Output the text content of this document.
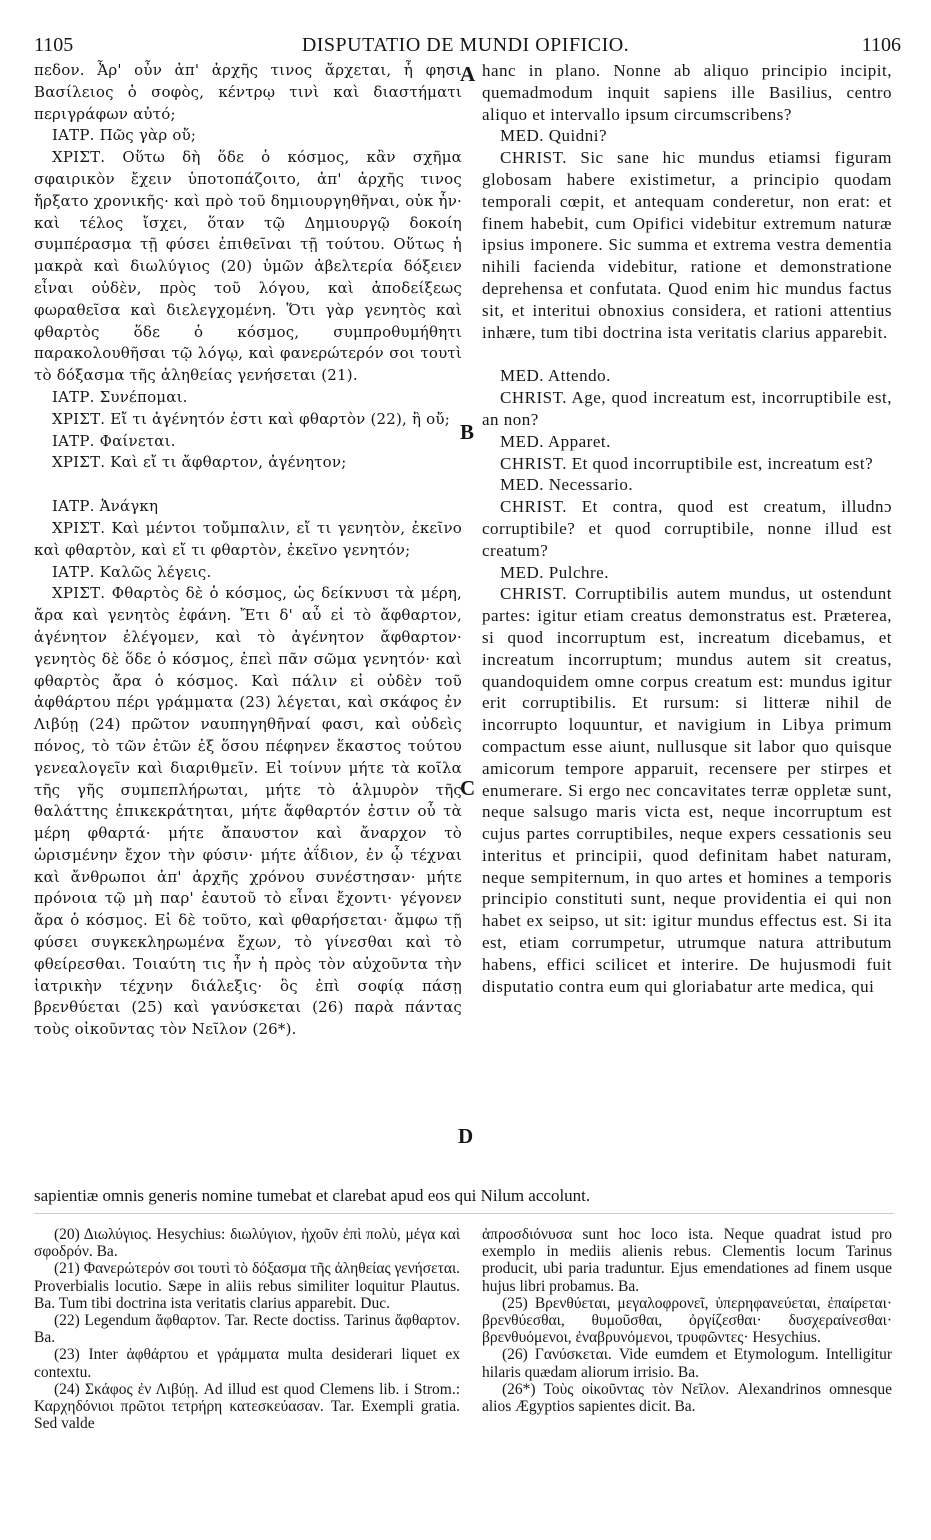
1105	DISPUTATIO DE MUNDI OPIFICIO.	1106
A
B
C
D

πεδον. Ἆρ' οὖν ἀπ' ἀρχῆς τινος ἄρχεται, ἧ φησι Βασίλειος ὁ σοφὸς, κέντρῳ τινὶ καὶ διαστήματι περιγράφων αὐτό;

ΙΑΤΡ. Πῶς γὰρ οὔ;

ΧΡΙΣΤ. Οὕτω δὴ ὅδε ὁ κόσμος, κἂν σχῆμα σφαιρικὸν ἔχειν ὑποτοπάζοιτο, ἀπ' ἀρχῆς τινος ἤρξατο χρονικῆς· καὶ πρὸ τοῦ δημιουργηθῆναι, οὐκ ἦν· καὶ τέλος ἴσχει, ὅταν τῷ Δημιουργῷ δοκοίη συμπέρασμα τῇ φύσει ἐπιθεῖναι τῇ τούτου. Οὕτως ἡ μακρὰ καὶ διωλύγιος (20) ὑμῶν ἀβελτερία δόξειεν εἶναι οὐδὲν, πρὸς τοῦ λόγου, καὶ ἀποδείξεως φωραθεῖσα καὶ διελεγχομένη. Ὅτι γὰρ γενητὸς καὶ φθαρτὸς ὅδε ὁ κόσμος, συμπροθυμήθητι παρακολουθῆσαι τῷ λόγῳ, καὶ φανερώτερόν σοι τουτὶ τὸ δόξασμα τῆς ἀληθείας γενήσεται (21).

ΙΑΤΡ. Συνέπομαι.

ΧΡΙΣΤ. Εἴ τι ἀγένητόν ἐστι καὶ φθαρτὸν (22), ἢ οὔ;

ΙΑΤΡ. Φαίνεται.

ΧΡΙΣΤ. Καὶ εἴ τι ἄφθαρτον, ἀγένητον;

ΙΑΤΡ. Ἀνάγκη

ΧΡΙΣΤ. Καὶ μέντοι τοὔμπαλιν, εἴ τι γενητὸν, ἐκεῖνο καὶ φθαρτὸν, καὶ εἴ τι φθαρτὸν, ἐκεῖνο γενητόν;

ΙΑΤΡ. Καλῶς λέγεις.

ΧΡΙΣΤ. Φθαρτὸς δὲ ὁ κόσμος, ὡς δείκνυσι τὰ μέρη, ἄρα καὶ γενητὸς ἐφάνη. Ἔτι δ' αὖ εἰ τὸ ἄφθαρτον, ἀγένητον ἐλέγομεν, καὶ τὸ ἀγένητον ἄφθαρτον· γενητὸς δὲ ὅδε ὁ κόσμος, ἐπεὶ πᾶν σῶμα γενητόν· καὶ φθαρτὸς ἄρα ὁ κόσμος. Καὶ πάλιν εἰ οὐδὲν τοῦ ἀφθάρτου πέρι γράμματα (23) λέγεται, καὶ σκάφος ἐν Λιβύῃ (24) πρῶτον ναυπηγηθῆναί φασι, καὶ οὐδεὶς πόνος, τὸ τῶν ἐτῶν ἐξ ὅσου πέφηνεν ἕκαστος τούτου γενεαλογεῖν καὶ διαριθμεῖν. Εἰ τοίνυν μήτε τὰ κοῖλα τῆς γῆς συμπεπλήρωται, μήτε τὸ ἁλμυρὸν τῆς θαλάττης ἐπικεκράτηται, μήτε ἄφθαρτόν ἐστιν οὗ τὰ μέρη φθαρτά· μήτε ἄπαυστον καὶ ἄναρχον τὸ ὡρισμένην ἔχον τὴν φύσιν· μήτε ἀΐδιον, ἐν ᾧ τέχναι καὶ ἄνθρωποι ἀπ' ἀρχῆς χρόνου συνέστησαν· μήτε πρόνοια τῷ μὴ παρ' ἑαυτοῦ τὸ εἶναι ἔχοντι· γέγονεν ἄρα ὁ κόσμος. Εἰ δὲ τοῦτο, καὶ φθαρήσεται· ἄμφω τῇ φύσει συγκεκληρωμένα ἔχων, τὸ γίνεσθαι καὶ τὸ φθείρεσθαι. Τοιαύτη τις ἦν ἡ πρὸς τὸν αὐχοῦντα τὴν ἰατρικὴν τέχνην διάλεξις· ὃς ἐπὶ σοφίᾳ πάσῃ βρενθύεται (25) καὶ γανύσκεται (26) παρὰ πάντας τοὺς οἰκοῦντας τὸν Νεῖλον (26*).

hanc in plano. Nonne ab aliquo principio incipit, quemadmodum inquit sapiens ille Basilius, centro aliquo et intervallo ipsum circumscribens?

MED. Quidni?

CHRIST. Sic sane hic mundus etiamsi figuram globosam habere existimetur, a principio quodam temporali cœpit, et antequam conderetur, non erat: et finem habebit, cum Opifici videbitur extremum naturæ ipsius imponere. Sic summa et extrema vestra dementia nihili facienda videbitur, ratione et demonstratione deprehensa et confutata. Quod enim hic mundus factus sit, et interitui obnoxius considera, et rationi attentius inhære, tum tibi doctrina ista veritatis clarius apparebit.

MED. Attendo.

CHRIST. Age, quod increatum est, incorruptibile est, an non?

MED. Apparet.

CHRIST. Et quod incorruptibile est, increatum est?

MED. Necessario.

CHRIST. Et contra, quod est creatum, illudnɔ corruptibile? et quod corruptibile, nonne illud est creatum?

MED. Pulchre.

CHRIST. Corruptibilis autem mundus, ut ostendunt partes: igitur etiam creatus demonstratus est. Præterea, si quod incorruptum est, increatum dicebamus, et increatum incorruptum; mundus autem sit creatus, quandoquidem omne corpus creatum est: mundus igitur erit corruptibilis. Et rursum: si litteræ nihil de incorrupto loquuntur, et navigium in Libya primum compactum esse aiunt, nullusque sit labor quo quisque amicorum tempore apparuit, recensere per stirpes et enumerare. Si ergo nec concavitates terræ oppletæ sunt, neque salsugo maris victa est, neque incorruptum est cujus partes corruptibiles, neque expers cessationis seu interitus et principii, quod definitam habet naturam, neque sempiternum, in quo artes et homines a temporis principio constituti sunt, neque providentia ei qui non habet ex seipso, ut sit: igitur mundus effectus est. Si ita est, etiam corrumpetur, utrumque natura attributum habens, effici scilicet et interire. De hujusmodi fuit disputatio contra eum qui gloriabatur arte medica, qui

sapientiæ omnis generis nomine tumebat et clarebat apud eos qui Nilum accolunt.

(20) Διωλύγιος. Hesychius: διωλύγιον, ἠχοῦν ἐπὶ πολὺ, μέγα καὶ σφοδρόν. Ba.

(21) Φανερώτερόν σοι τουτὶ τὸ δόξασμα τῆς ἀληθείας γενήσεται. Proverbialis locutio. Sæpe in aliis rebus similiter loquitur Plautus. Ba. Tum tibi doctrina ista veritatis clarius apparebit. Duc.

(22) Legendum ἄφθαρτον. Tar. Recte doctiss. Tarinus ἄφθαρτον. Ba.

(23) Inter ἀφθάρτου et γράμματα multa desiderari liquet ex contextu.

(24) Σκάφος ἐν Λιβύῃ. Ad illud est quod Clemens lib. i Strom.: Καρχηδόνιοι πρῶτοι τετρήρη κατεσκεύασαν. Tar. Exempli gratia. Sed valde

ἀπροσδιόνυσα sunt hoc loco ista. Neque quadrat istud pro exemplo in mediis alienis rebus. Clementis locum Tarinus producit, ubi paria traduntur. Ejus emendationes ad finem usque hujus libri probamus. Ba.

(25) Βρενθύεται, μεγαλοφρονεῖ, ὑπερηφανεύεται, ἐπαίρεται· βρενθύεσθαι, θυμοῦσθαι, ὀργίζεσθαι· δυσχεραίνεσθαι· βρενθυόμενοι, ἐναβρυνόμενοι, τρυφῶντες· Hesychius.

(26) Γανύσκεται. Vide eumdem et Etymologum. Intelligitur hilaris quædam aliorum irrisio. Ba.

(26*) Τοὺς οἰκοῦντας τὸν Νεῖλον. Alexandrinos omnesque alios Ægyptios sapientes dicit. Ba.
